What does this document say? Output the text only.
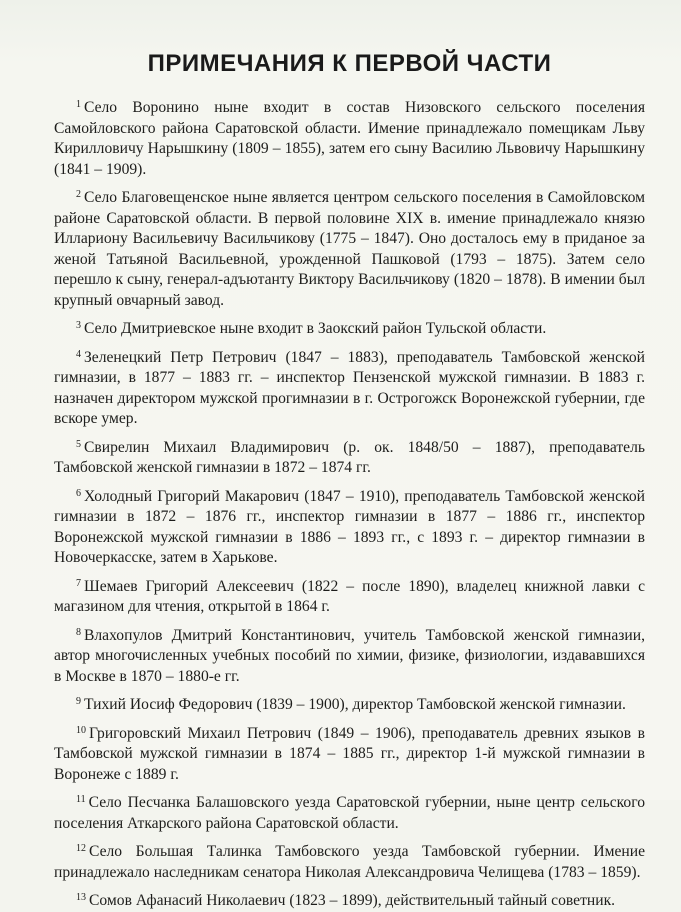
ПРИМЕЧАНИЯ К ПЕРВОЙ ЧАСТИ

$^1$ Село Воронино ныне входит в состав Низовского сельского поселения Самойловского района Саратовской области. Имение принадлежало помещикам Льву Кирилловичу Нарышкину (1809 – 1855), затем его сыну Василию Львовичу Нарышкину (1841 – 1909).

$^2$ Село Благовещенское ныне является центром сельского поселения в Самойловском районе Саратовской области. В первой половине XIX в. имение принадлежало князю Иллариону Васильевичу Васильчикову (1775 – 1847). Оно досталось ему в приданое за женой Татьяной Васильевной, урожденной Пашковой (1793 – 1875). Затем село перешло к сыну, генерал-адъютанту Виктору Васильчикову (1820 – 1878). В имении был крупный овчарный завод.

$^3$ Село Дмитриевское ныне входит в Заокский район Тульской области.

$^4$ Зеленецкий Петр Петрович (1847 – 1883), преподаватель Тамбовской женской гимназии, в 1877 – 1883 гг. – инспектор Пензенской мужской гимназии. В 1883 г. назначен директором мужской прогимназии в г. Острогожск Воронежской губернии, где вскоре умер.

$^5$ Свирелин Михаил Владимирович (р. ок. 1848/50 – 1887), преподаватель Тамбовской женской гимназии в 1872 – 1874 гг.

$^6$ Холодный Григорий Макарович (1847 – 1910), преподаватель Тамбовской женской гимназии в 1872 – 1876 гг., инспектор гимназии в 1877 – 1886 гг., инспектор Воронежской мужской гимназии в 1886 – 1893 гг., с 1893 г. – директор гимназии в Новочеркасске, затем в Харькове.

$^7$ Шемаев Григорий Алексеевич (1822 – после 1890), владелец книжной лавки с магазином для чтения, открытой в 1864 г.

$^8$ Влахопулов Дмитрий Константинович, учитель Тамбовской женской гимназии, автор многочисленных учебных пособий по химии, физике, физиологии, издававшихся в Москве в 1870 – 1880-е гг.

$^9$ Тихий Иосиф Федорович (1839 – 1900), директор Тамбовской женской гимназии.

$^{10}$ Григоровский Михаил Петрович (1849 – 1906), преподаватель древних языков в Тамбовской мужской гимназии в 1874 – 1885 гг., директор 1-й мужской гимназии в Воронеже с 1889 г.

$^{11}$ Село Песчанка Балашовского уезда Саратовской губернии, ныне центр сельского поселения Аткарского района Саратовской области.

$^{12}$ Село Большая Талинка Тамбовского уезда Тамбовской губернии. Имение принадлежало наследникам сенатора Николая Александровича Челищева (1783 – 1859).

$^{13}$ Сомов Афанасий Николаевич (1823 – 1899), действительный тайный советник.
